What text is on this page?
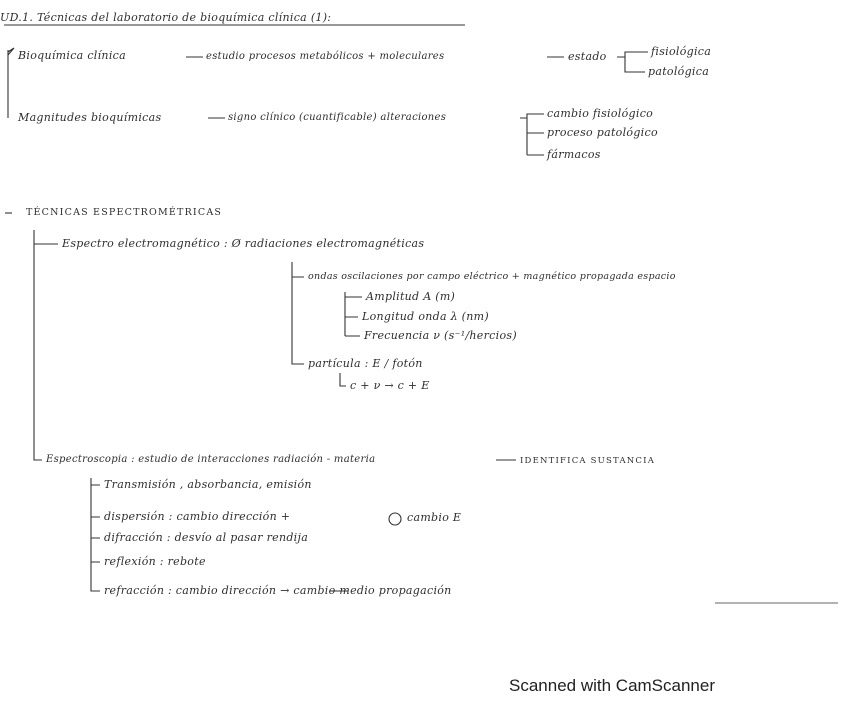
UD.1. Técnicas del laboratorio de bioquímica clínica (1):
Bioquímica clínica	estudio procesos metabólicos + moleculares	estado	fisiológica
patológica
Magnitudes bioquímicas	signo clínico (cuantificable) alteraciones	cambio fisiológico
proceso patológico
fármacos
TÉCNICAS ESPECTROMÉTRICAS
Espectro electromagnético : Ø radiaciones electromagnéticas
ondas oscilaciones por campo eléctrico + magnético propagada espacio
Amplitud A (m)
Longitud onda λ (nm)
Frecuencia ν (s⁻¹/hercios)
partícula : E / fotón
c + ν → c + E
Espectroscopia : estudio de interacciones radiación - materia	IDENTIFICA SUSTANCIA
Transmisión , absorbancia, emisión
dispersión : cambio dirección +	cambio E
difracción : desvío al pasar rendija
reflexión : rebote
refracción : cambio dirección → cambio medio propagación
Scanned with CamScanner
